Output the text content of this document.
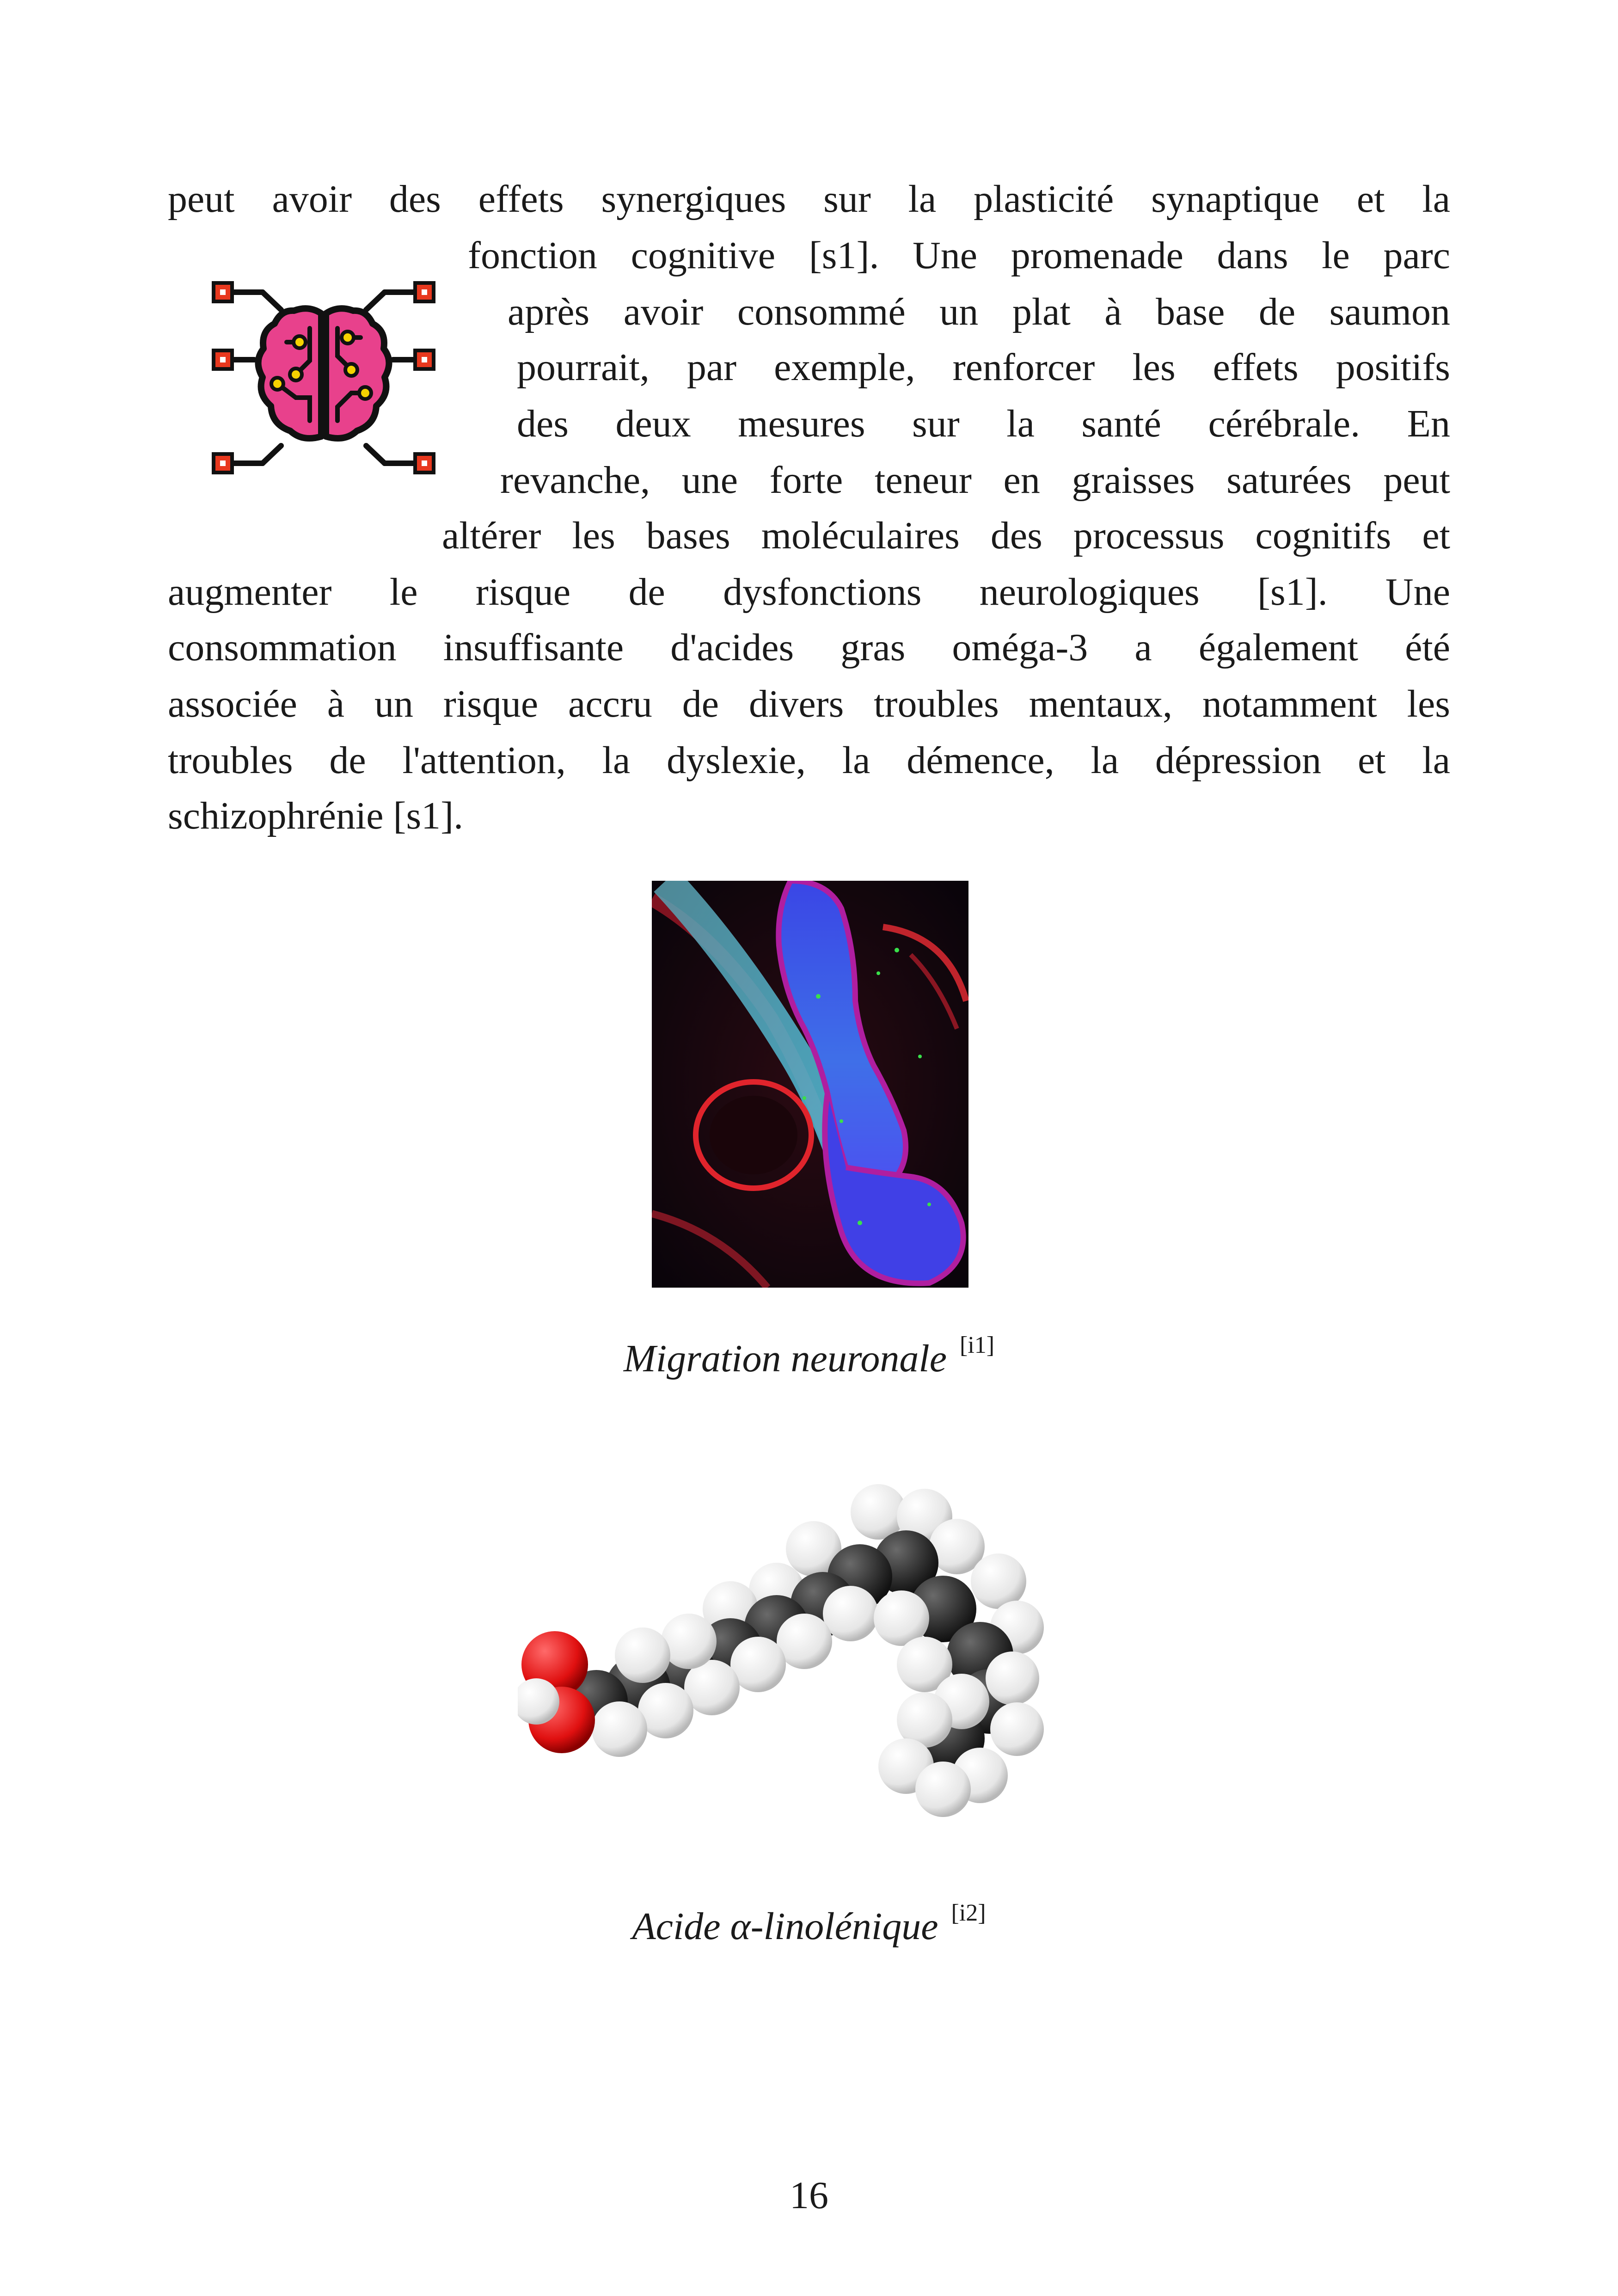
peut avoir des effets synergiques sur la plasticité synaptique et la
fonction cognitive [s1]. Une promenade dans le parc
après avoir consommé un plat à base de saumon
pourrait, par exemple, renforcer les effets positifs
des deux mesures sur la santé cérébrale. En
revanche, une forte teneur en graisses saturées peut
altérer les bases moléculaires des processus cognitifs et
augmenter le risque de dysfonctions neurologiques [s1]. Une
consommation insuffisante d'acides gras oméga-3 a également été
associée à un risque accru de divers troubles mentaux, notamment les
troubles de l'attention, la dyslexie, la démence, la dépression et la
schizophrénie [s1].
Migration neuronale [i1]
Acide α-linolénique [i2]
16
